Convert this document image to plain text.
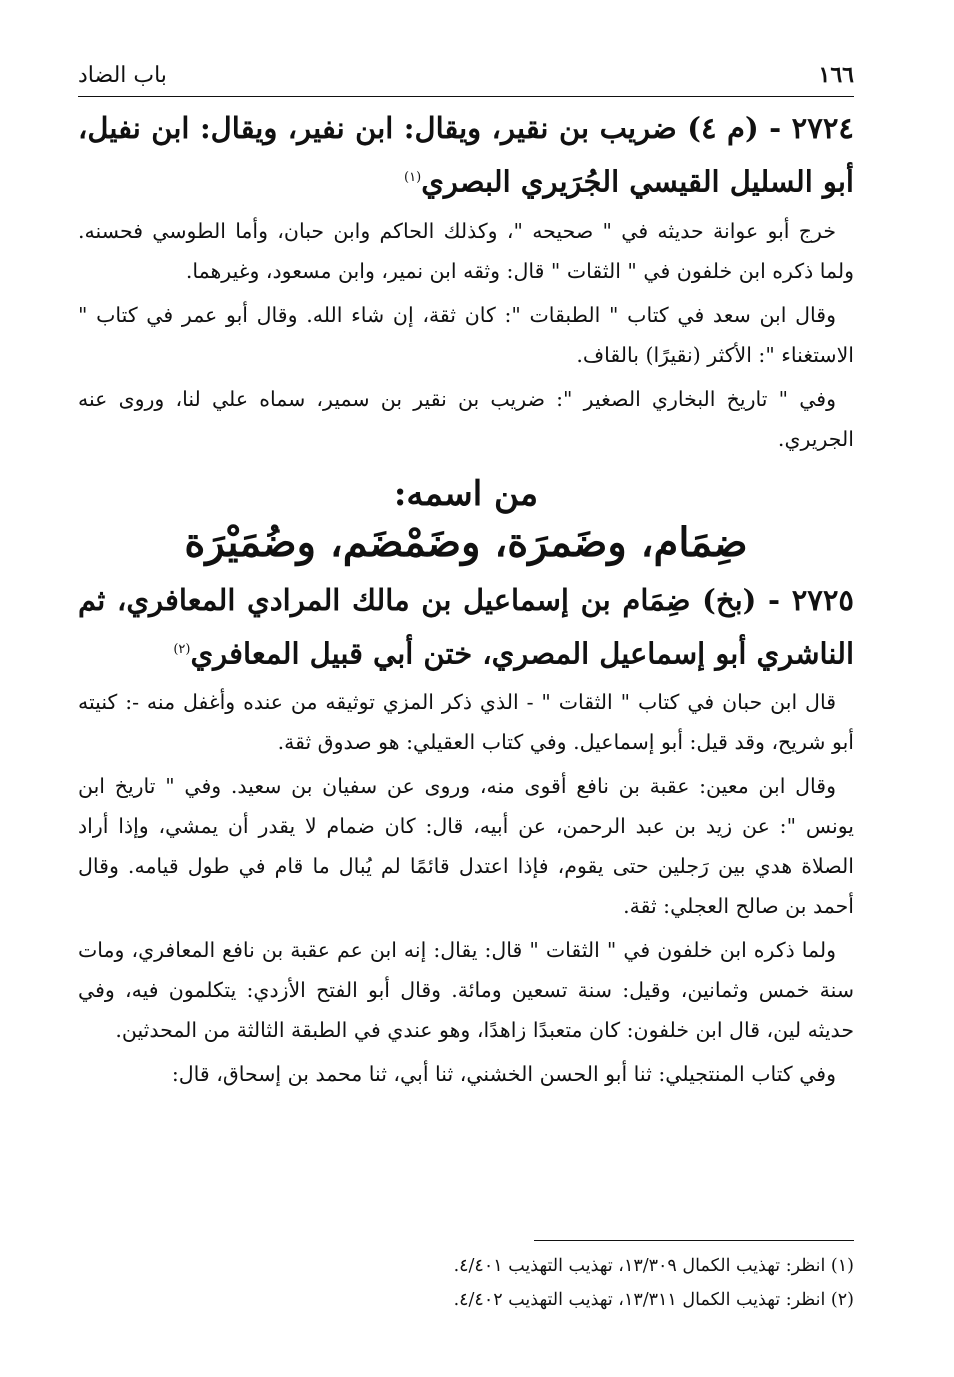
١٦٦
باب الضاد
٢٧٢٤ - (م ٤) ضريب بن نقير، ويقال: ابن نفير، ويقال: ابن نفيل، أبو السليل القيسي الجُرَيري البصري$^{(١)}$

خرج أبو عوانة حديثه في " صحيحه "، وكذلك الحاكم وابن حبان، وأما الطوسي فحسنه. ولما ذكره ابن خلفون في " الثقات " قال: وثقه ابن نمير، وابن مسعود، وغيرهما.

وقال ابن سعد في كتاب " الطبقات ": كان ثقة، إن شاء الله. وقال أبو عمر في كتاب " الاستغناء ": الأكثر (نقيرًا) بالقاف.

وفي " تاريخ البخاري الصغير ": ضريب بن نقير بن سمير، سماه علي لنا، وروى عنه الجريري.

من اسمه:
ضِمَام، وضَمرَة، وضَمْضَم، وضُمَيْرَة
٢٧٢٥ - (بخ) ضِمَام بن إسماعيل بن مالك المرادي المعافري، ثم الناشري أبو إسماعيل المصري، ختن أبي قبيل المعافري$^{(٢)}$

قال ابن حبان في كتاب " الثقات " - الذي ذكر المزي توثيقه من عنده وأغفل منه -: كنيته أبو شريح، وقد قيل: أبو إسماعيل. وفي كتاب العقيلي: هو صدوق ثقة.

وقال ابن معين: عقبة بن نافع أقوى منه، وروى عن سفيان بن سعيد. وفي " تاريخ ابن يونس ": عن زيد بن عبد الرحمن، عن أبيه، قال: كان ضمام لا يقدر أن يمشي، وإذا أراد الصلاة هدي بين رَجلين حتى يقوم، فإذا اعتدل قائمًا لم يُبال ما قام في طول قيامه. وقال أحمد بن صالح العجلي: ثقة.

ولما ذكره ابن خلفون في " الثقات " قال: يقال: إنه ابن عم عقبة بن نافع المعافري، ومات سنة خمس وثمانين، وقيل: سنة تسعين ومائة. وقال أبو الفتح الأزدي: يتكلمون فيه، وفي حديثه لين، قال ابن خلفون: كان متعبدًا زاهدًا، وهو عندي في الطبقة الثالثة من المحدثين.

وفي كتاب المنتجيلي: ثنا أبو الحسن الخشني، ثنا أبي، ثنا محمد بن إسحاق، قال:

(١) انظر: تهذيب الكمال ١٣/٣٠٩، تهذيب التهذيب ٤/٤٠١.
(٢) انظر: تهذيب الكمال ١٣/٣١١، تهذيب التهذيب ٤/٤٠٢.
